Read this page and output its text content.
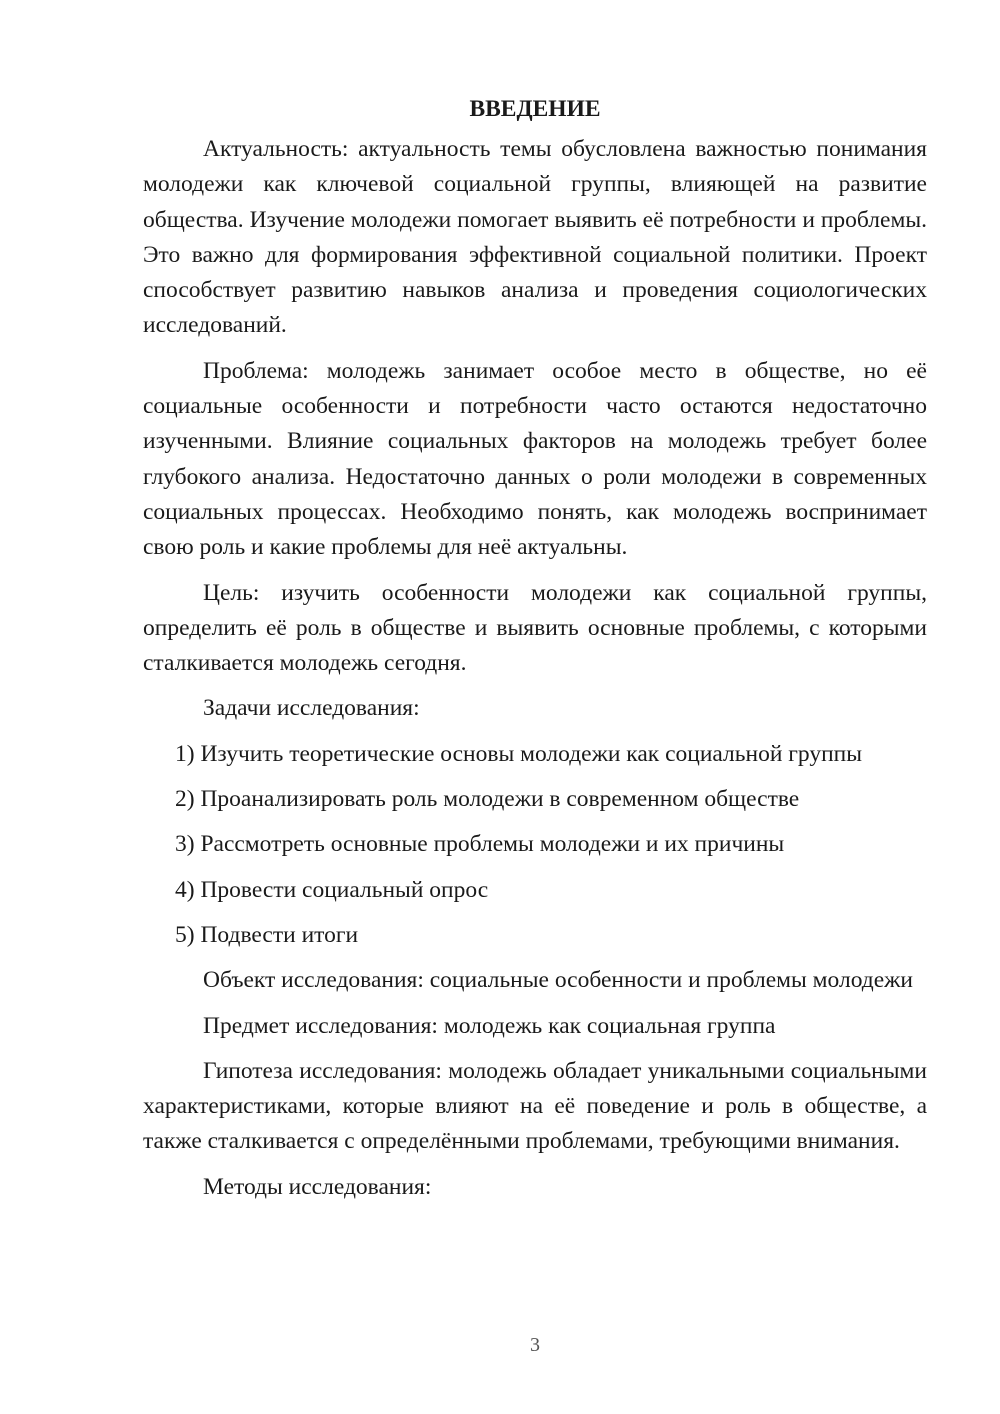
ВВЕДЕНИЕ

Актуальность: актуальность темы обусловлена важностью понимания молодежи как ключевой социальной группы, влияющей на развитие общества. Изучение молодежи помогает выявить её потребности и проблемы. Это важно для формирования эффективной социальной политики. Проект способствует развитию навыков анализа и проведения социологических исследований.

Проблема: молодежь занимает особое место в обществе, но её социальные особенности и потребности часто остаются недостаточно изученными. Влияние социальных факторов на молодежь требует более глубокого анализа. Недостаточно данных о роли молодежи в современных социальных процессах. Необходимо понять, как молодежь воспринимает свою роль и какие проблемы для неё актуальны.

Цель: изучить особенности молодежи как социальной группы, определить её роль в обществе и выявить основные проблемы, с которыми сталкивается молодежь сегодня.

Задачи исследования:

1) Изучить теоретические основы молодежи как социальной группы
2) Проанализировать роль молодежи в современном обществе
3) Рассмотреть основные проблемы молодежи и их причины
4) Провести социальный опрос
5) Подвести итоги

Объект исследования: социальные особенности и проблемы молодежи

Предмет исследования: молодежь как социальная группа

Гипотеза исследования: молодежь обладает уникальными социальными характеристиками, которые влияют на её поведение и роль в обществе, а также сталкивается с определёнными проблемами, требующими внимания.

Методы исследования:

3
